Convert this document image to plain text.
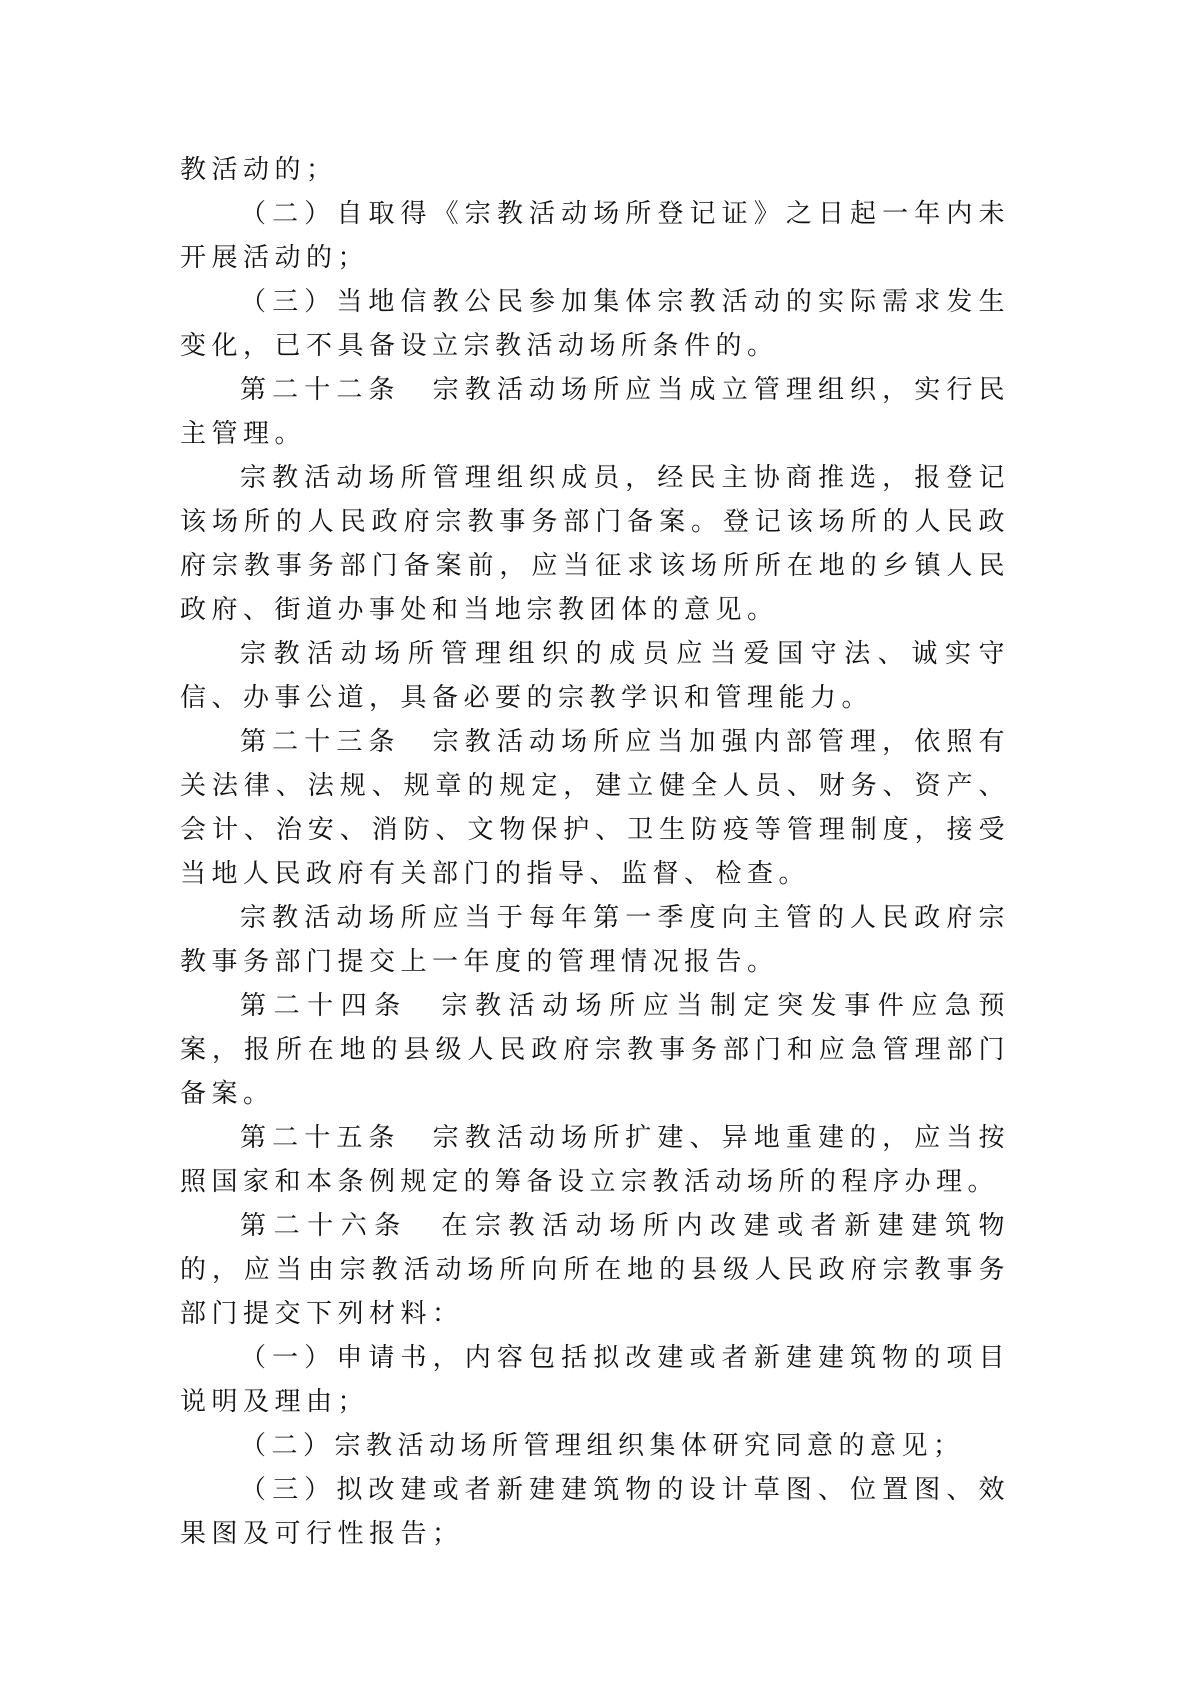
教活动的；

（二）自取得《宗教活动场所登记证》之日起一年内未开展活动的；

（三）当地信教公民参加集体宗教活动的实际需求发生变化，已不具备设立宗教活动场所条件的。

第二十二条　宗教活动场所应当成立管理组织，实行民主管理。

宗教活动场所管理组织成员，经民主协商推选，报登记该场所的人民政府宗教事务部门备案。登记该场所的人民政府宗教事务部门备案前，应当征求该场所所在地的乡镇人民政府、街道办事处和当地宗教团体的意见。

宗教活动场所管理组织的成员应当爱国守法、诚实守信、办事公道，具备必要的宗教学识和管理能力。

第二十三条　宗教活动场所应当加强内部管理，依照有关法律、法规、规章的规定，建立健全人员、财务、资产、会计、治安、消防、文物保护、卫生防疫等管理制度，接受当地人民政府有关部门的指导、监督、检查。

宗教活动场所应当于每年第一季度向主管的人民政府宗教事务部门提交上一年度的管理情况报告。

第二十四条　宗教活动场所应当制定突发事件应急预案，报所在地的县级人民政府宗教事务部门和应急管理部门备案。

第二十五条　宗教活动场所扩建、异地重建的，应当按照国家和本条例规定的筹备设立宗教活动场所的程序办理。

第二十六条　在宗教活动场所内改建或者新建建筑物的，应当由宗教活动场所向所在地的县级人民政府宗教事务部门提交下列材料：

（一）申请书，内容包括拟改建或者新建建筑物的项目说明及理由；

（二）宗教活动场所管理组织集体研究同意的意见；

（三）拟改建或者新建建筑物的设计草图、位置图、效果图及可行性报告；
